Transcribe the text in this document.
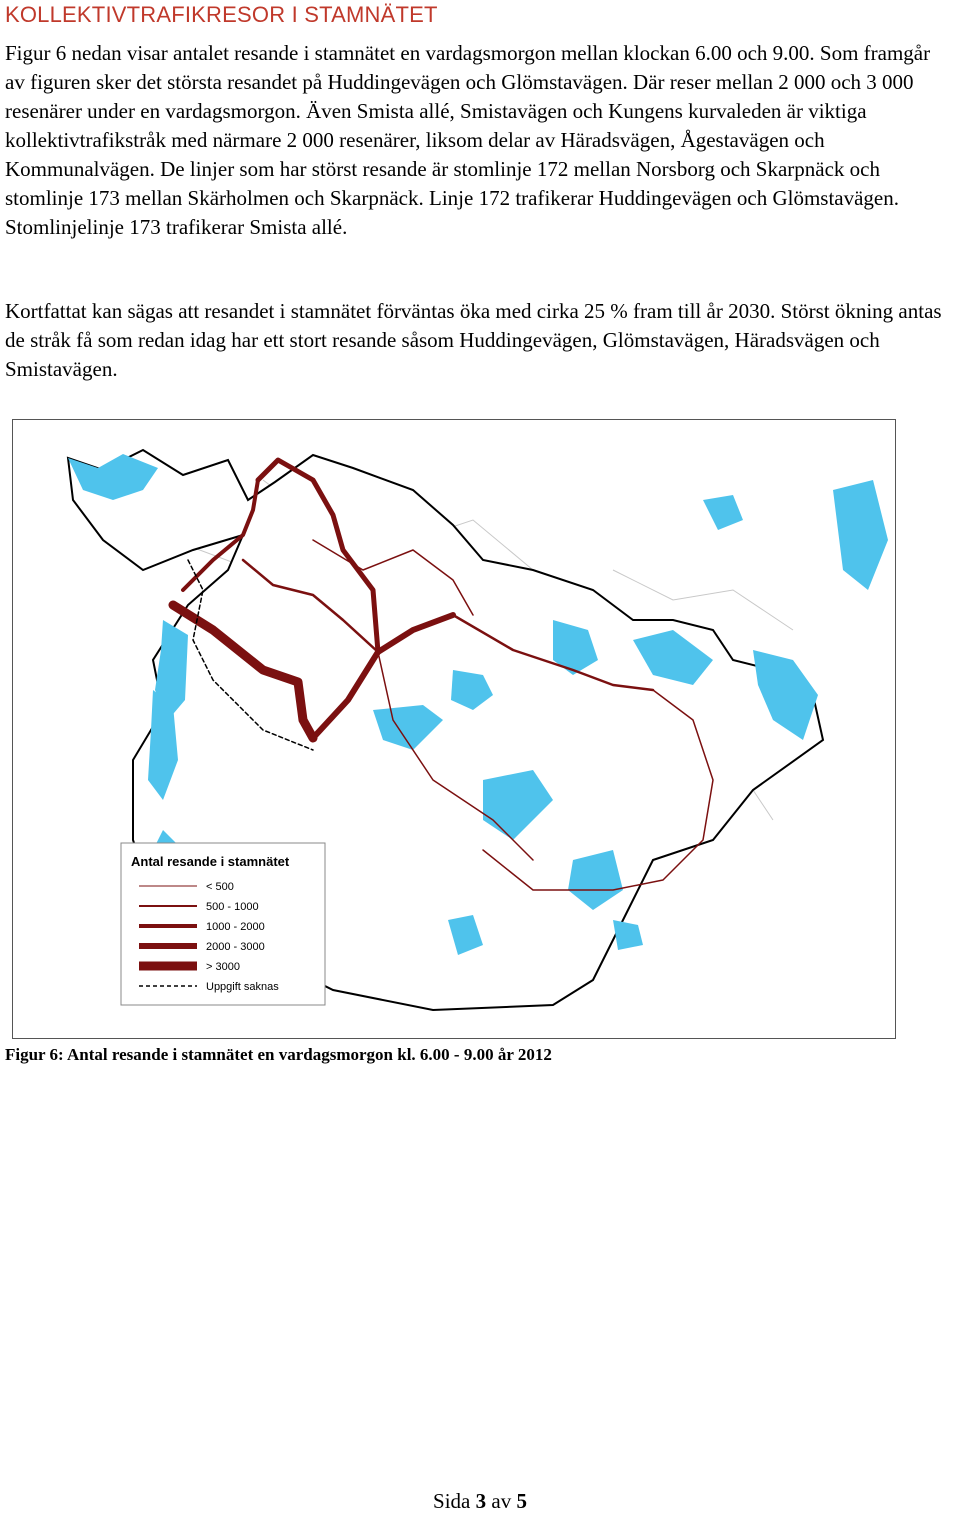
KOLLEKTIVTRAFIKRESOR I STAMNÄTET

Figur 6 nedan visar antalet resande i stamnätet en vardagsmorgon mellan klockan 6.00 och 9.00. Som framgår av figuren sker det största resandet på Huddingevägen och Glömstavägen. Där reser mellan 2 000 och 3 000 resenärer under en vardagsmorgon. Även Smista allé, Smistavägen och Kungens kurvaleden är viktiga kollektivtrafikstråk med närmare 2 000 resenärer, liksom delar av Häradsvägen, Ågestavägen och Kommunalvägen. De linjer som har störst resande är stomlinje 172 mellan Norsborg och Skarpnäck och stomlinje 173 mellan Skärholmen och Skarpnäck. Linje 172 trafikerar Huddingevägen och Glömstavägen. Stomlinjelinje 173 trafikerar Smista allé.

Kortfattat kan sägas att resandet i stamnätet förväntas öka med cirka 25 % fram till år 2030. Störst ökning antas de stråk få som redan idag har ett stort resande såsom Huddingevägen, Glömstavägen, Häradsvägen och Smistavägen.

Antal resande i stamnätet
< 500
500 - 1000
1000 - 2000
2000 - 3000
> 3000
Uppgift saknas

Figur 6: Antal resande i stamnätet en vardagsmorgon kl. 6.00 - 9.00 år 2012

Sida 3 av 5
